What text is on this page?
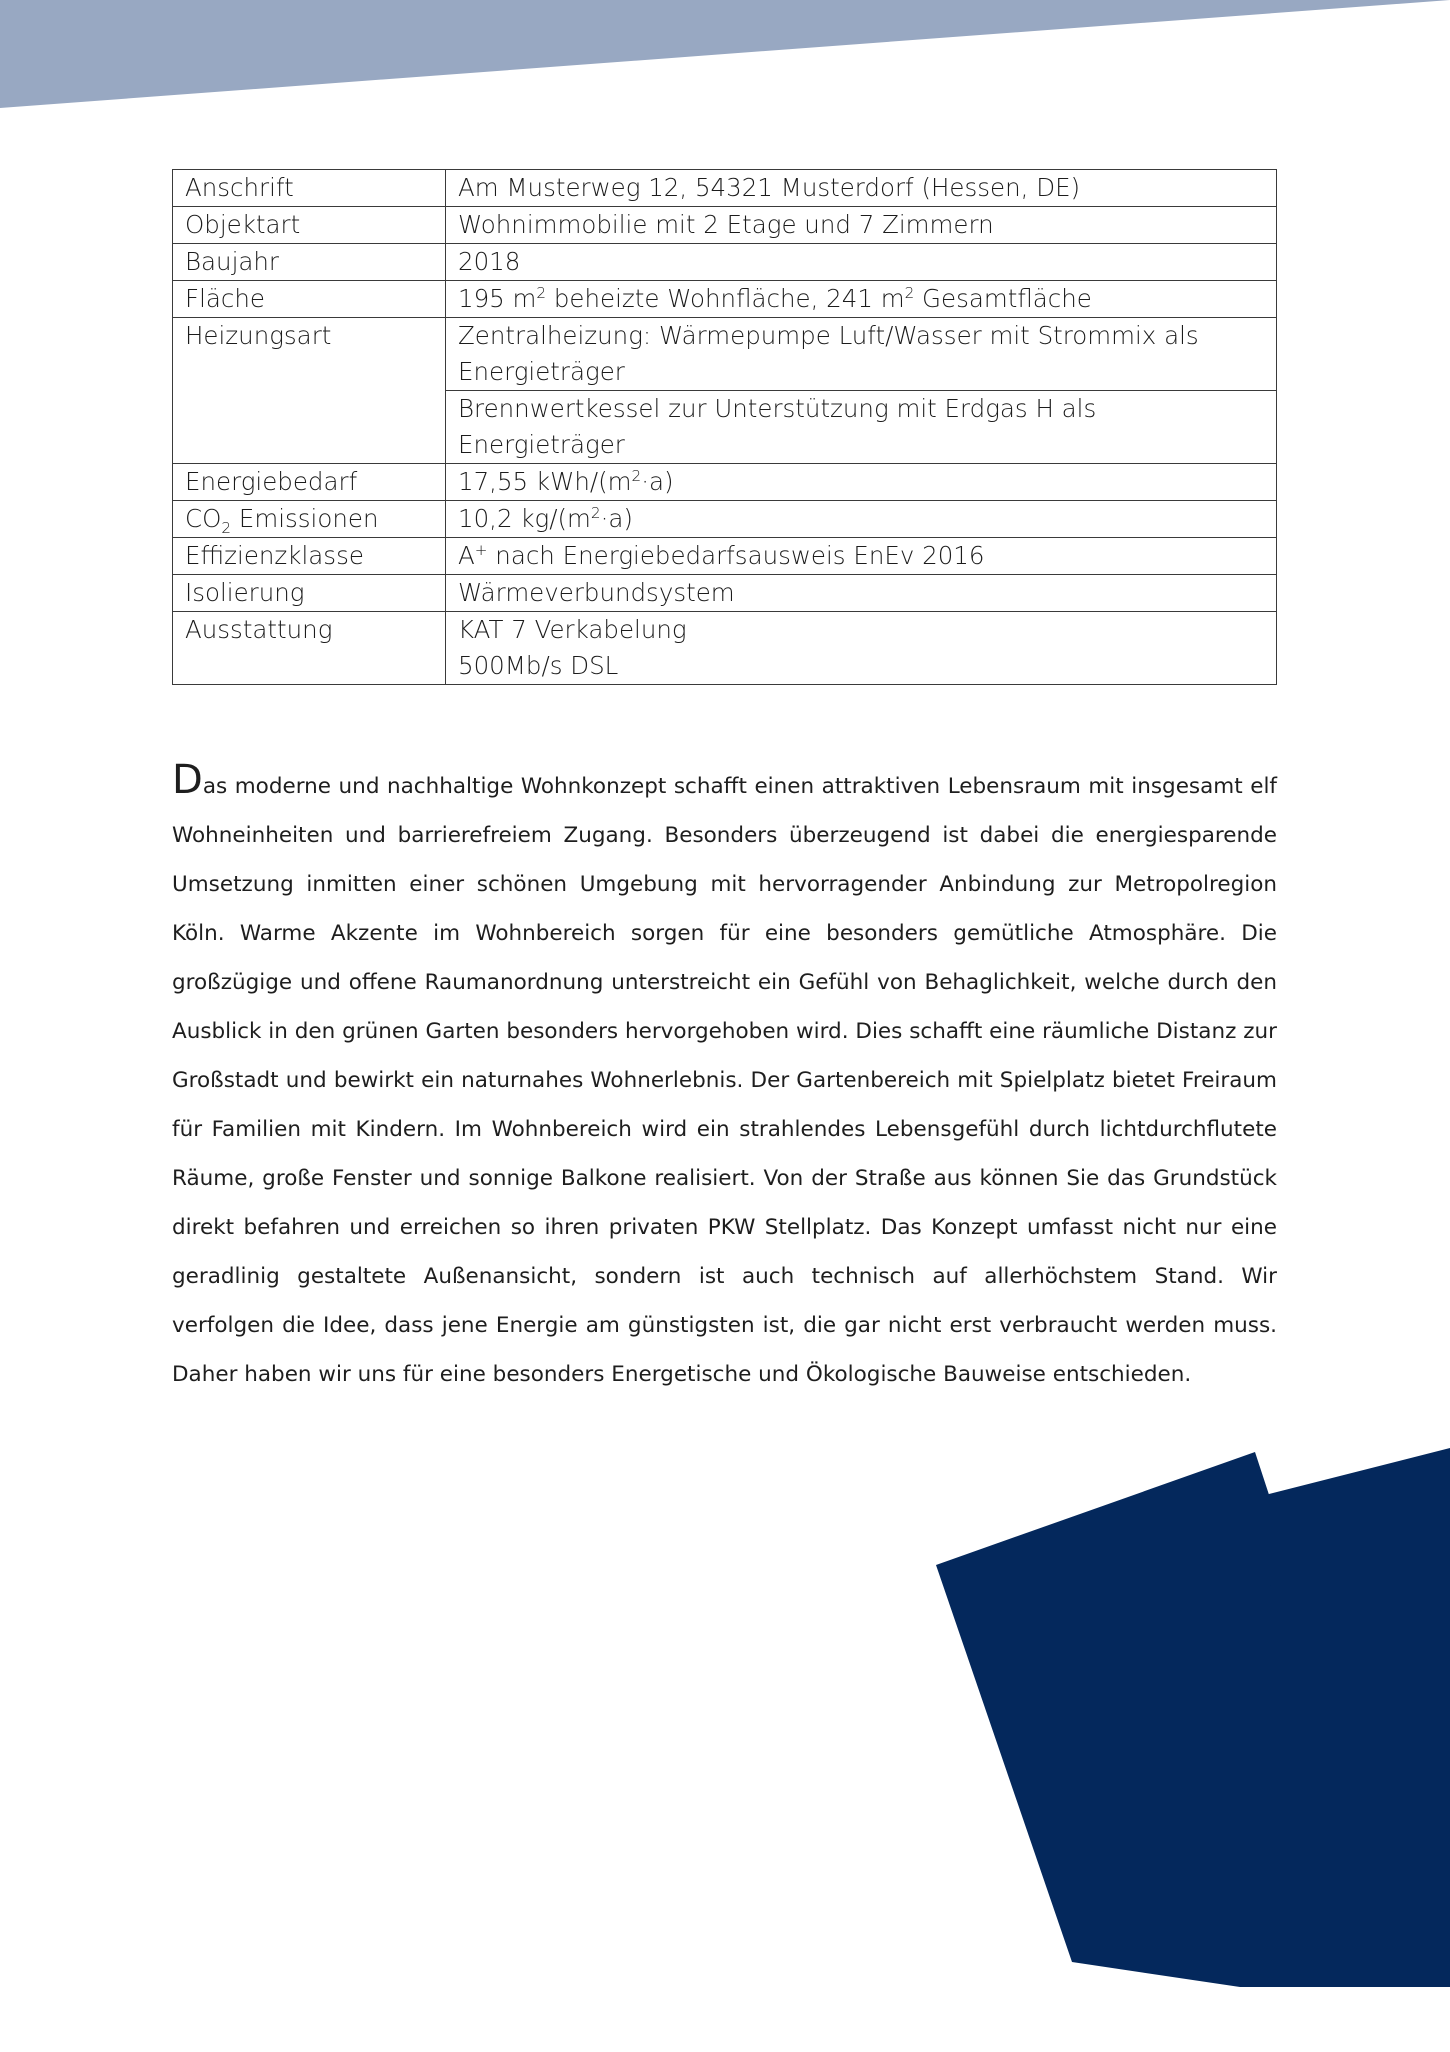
Anschrift	Am Musterweg 12, 54321 Musterdorf (Hessen, DE)
Objektart	Wohnimmobilie mit 2 Etage und 7 Zimmern
Baujahr	2018
Fläche	195 $m^2$ beheizte Wohnfläche, 241 $m^2$ Gesamtfläche
Heizungsart	Zentralheizung: Wärmepumpe Luft/Wasser mit Strommix als Energieträger
	Brennwertkessel zur Unterstützung mit Erdgas H als Energieträger
Energiebedarf	17,55 kWh/$(m^2\cdot a)$
$CO_2$ Emissionen	10,2 $kg/(m^2\cdot a)$
Effizienzklasse	A+ nach Energiebedarfsausweis EnEv 2016
Isolierung	Wärmeverbundsystem
Ausstattung	KAT 7 Verkabelung
500Mb/s DSL

Das moderne und nachhaltige Wohnkonzept schafft einen attraktiven Lebensraum mit insgesamt elf Wohneinheiten und barrierefreiem Zugang. Besonders überzeugend ist dabei die energiesparende Umsetzung inmitten einer schönen Umgebung mit hervorragender Anbindung zur Metropolregion Köln. Warme Akzente im Wohnbereich sorgen für eine besonders gemütliche Atmosphäre. Die großzügige und offene Raumanordnung unterstreicht ein Gefühl von Behaglichkeit, welche durch den Ausblick in den grünen Garten besonders hervorgehoben wird. Dies schafft eine räumliche Distanz zur Großstadt und bewirkt ein naturnahes Wohnerlebnis. Der Gartenbereich mit Spielplatz bietet Freiraum für Familien mit Kindern. Im Wohnbereich wird ein strahlendes Lebensgefühl durch lichtdurchflutete Räume, große Fenster und sonnige Balkone realisiert. Von der Straße aus können Sie das Grundstück direkt befahren und erreichen so ihren privaten PKW Stellplatz. Das Konzept umfasst nicht nur eine geradlinig gestaltete Außenansicht, sondern ist auch technisch auf allerhöchstem Stand. Wir verfolgen die Idee, dass jene Energie am günstigsten ist, die gar nicht erst verbraucht werden muss. Daher haben wir uns für eine besonders Energetische und Ökologische Bauweise entschieden.
